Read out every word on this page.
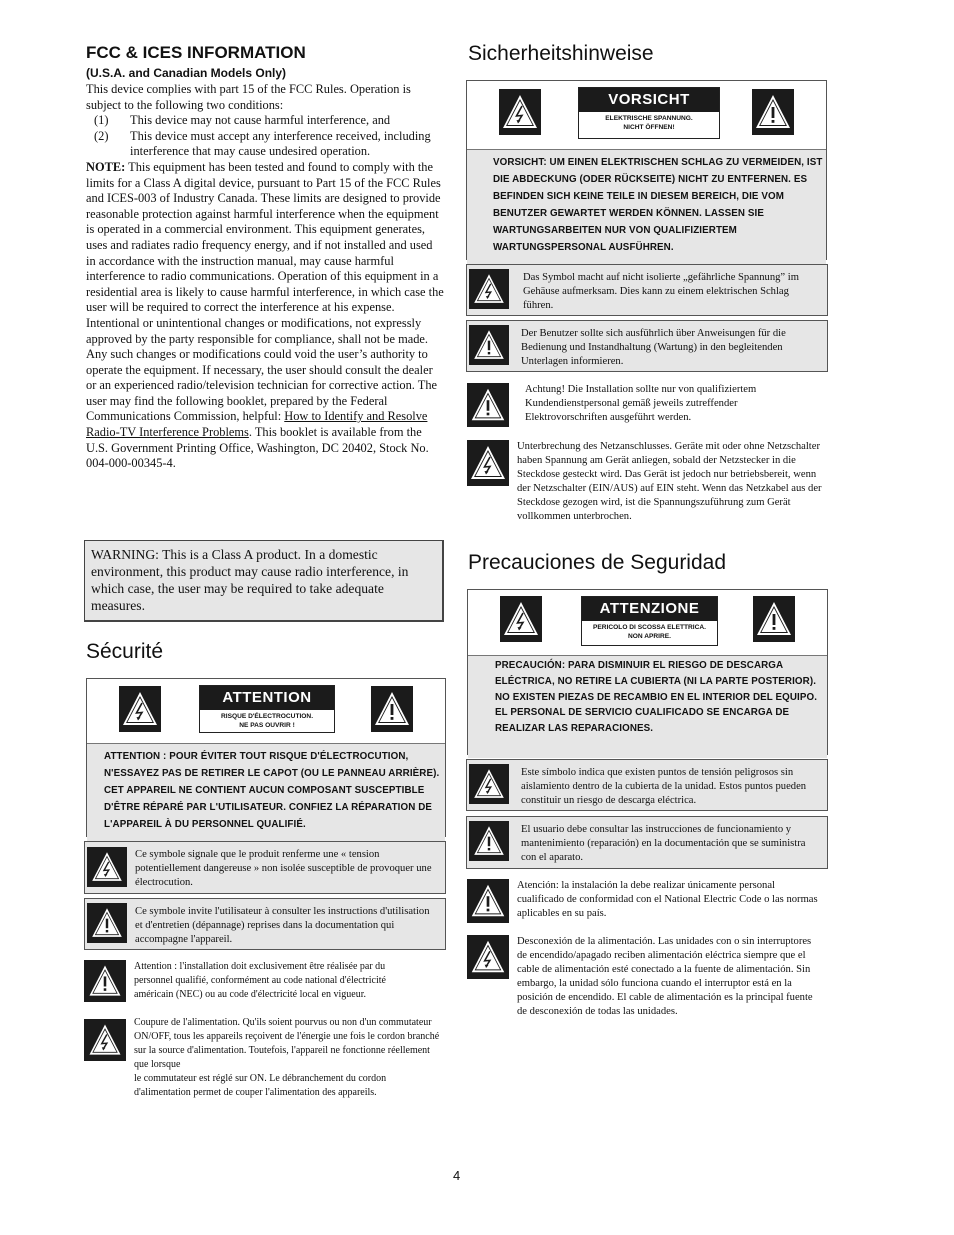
FCC & ICES INFORMATION
(U.S.A. and Canadian Models Only)

This device complies with part 15 of the FCC Rules. Operation is subject to the following two conditions:

(1)	This device may not cause harmful interference, and
(2)	This device must accept any interference received, including interference that may cause undesired operation.

NOTE: This equipment has been tested and found to comply with the limits for a Class A digital device, pursuant to Part 15 of the FCC Rules and ICES-003 of Industry Canada. These limits are designed to provide reasonable protection against harmful interference when the equipment is operated in a commercial environment. This equipment generates, uses and radiates radio frequency energy, and if not installed and used in accordance with the instruction manual, may cause harmful interference to radio communications. Operation of this equipment in a residential area is likely to cause harmful interference, in which case the user will be required to correct the interference at his expense.

Intentional or unintentional changes or modifications, not expressly approved by the party responsible for compliance, shall not be made. Any such changes or modifications could void the user’s authority to operate the equipment. If necessary, the user should consult the dealer or an experienced radio/television technician for corrective action. The user may find the following booklet, prepared by the Federal Communications Commission, helpful: How to Identify and Resolve Radio-TV Interference Problems. This booklet is available from the U.S. Government Printing Office, Washington, DC 20402, Stock No. 004-000-00345-4.

WARNING: This is a Class A product. In a domestic environment, this product may cause radio interference, in which case, the user may be required to take adequate measures.
Sécurité
ATTENTION
RISQUE D'ÉLECTROCUTION.
NE PAS OUVRIR !
ATTENTION : POUR ÉVITER TOUT RISQUE D'ÉLECTROCUTION, N'ESSAYEZ PAS DE RETIRER LE CAPOT (OU LE PANNEAU ARRIÈRE). CET APPAREIL NE CONTIENT AUCUN COMPOSANT SUSCEPTIBLE D'ÊTRE RÉPARÉ PAR L'UTILISATEUR. CONFIEZ LA RÉPARATION DE L'APPAREIL À DU PERSONNEL QUALIFIÉ.
Ce symbole signale que le produit renferme une « tension potentiellement dangereuse » non isolée susceptible de provoquer une électrocution.
Ce symbole invite l'utilisateur à consulter les instructions d'utilisation et d'entretien (dépannage) reprises dans la documentation qui accompagne l'appareil.
Attention : l'installation doit exclusivement être réalisée par du personnel qualifié, conformément au code national d'électricité américain (NEC) ou au code d'électricité local en vigueur.
Coupure de l'alimentation. Qu'ils soient pourvus ou non d'un commutateur ON/OFF, tous les appareils reçoivent de l'énergie une fois le cordon branché sur la source d'alimentation. Toutefois, l'appareil ne fonctionne réellement que lorsque
le commutateur est réglé sur ON. Le débranchement du cordon d'alimentation permet de couper l'alimentation des appareils.
Sicherheitshinweise
VORSICHT
ELEKTRISCHE SPANNUNG.
NICHT ÖFFNEN!
VORSICHT: UM EINEN ELEKTRISCHEN SCHLAG ZU VERMEIDEN, IST DIE ABDECKUNG (ODER RÜCKSEITE) NICHT ZU ENTFERNEN. ES BEFINDEN SICH KEINE TEILE IN DIESEM BEREICH, DIE VOM BENUTZER GEWARTET WERDEN KÖNNEN. LASSEN SIE WARTUNGSARBEITEN NUR VON QUALIFIZIERTEM WARTUNGSPERSONAL AUSFÜHREN.
Das Symbol macht auf nicht isolierte „gefährliche Spannung” im Gehäuse aufmerksam. Dies kann zu einem elektrischen Schlag führen.
Der Benutzer sollte sich ausführlich über Anweisungen für die Bedienung und Instandhaltung (Wartung) in den begleitenden Unterlagen informieren.
Achtung! Die Installation sollte nur von qualifiziertem Kundendienstpersonal gemäß jeweils zutreffender Elektrovorschriften ausgeführt werden.
Unterbrechung des Netzanschlusses. Geräte mit oder ohne Netzschalter haben Spannung am Gerät anliegen, sobald der Netzstecker in die Steckdose gesteckt wird. Das Gerät ist jedoch nur betriebsbereit, wenn der Netzschalter (EIN/AUS) auf EIN steht. Wenn das Netzkabel aus der Steckdose gezogen wird, ist die Spannungszuführung zum Gerät vollkommen unterbrochen.
Precauciones de Seguridad
ATTENZIONE
PERICOLO DI SCOSSA ELETTRICA.
NON APRIRE.
PRECAUCIÓN: PARA DISMINUIR EL RIESGO DE DESCARGA ELÉCTRICA, NO RETIRE LA CUBIERTA (NI LA PARTE POSTERIOR). NO EXISTEN PIEZAS DE RECAMBIO EN EL INTERIOR DEL EQUIPO. EL PERSONAL DE SERVICIO CUALIFICADO SE ENCARGA DE REALIZAR LAS REPARACIONES.
Este símbolo indica que existen puntos de tensión peligrosos sin aislamiento dentro de la cubierta de la unidad. Estos puntos pueden constituir un riesgo de descarga eléctrica.
El usuario debe consultar las instrucciones de funcionamiento y mantenimiento (reparación) en la documentación que se suministra con el aparato.
Atención: la instalación la debe realizar únicamente personal cualificado de conformidad con el National Electric Code o las normas aplicables en su país.
Desconexión de la alimentación. Las unidades con o sin interruptores de encendido/apagado reciben alimentación eléctrica siempre que el cable de alimentación esté conectado a la fuente de alimentación. Sin embargo, la unidad sólo funciona cuando el interruptor está en la posición de encendido. El cable de alimentación es la principal fuente de desconexión de todas las unidades.
4
